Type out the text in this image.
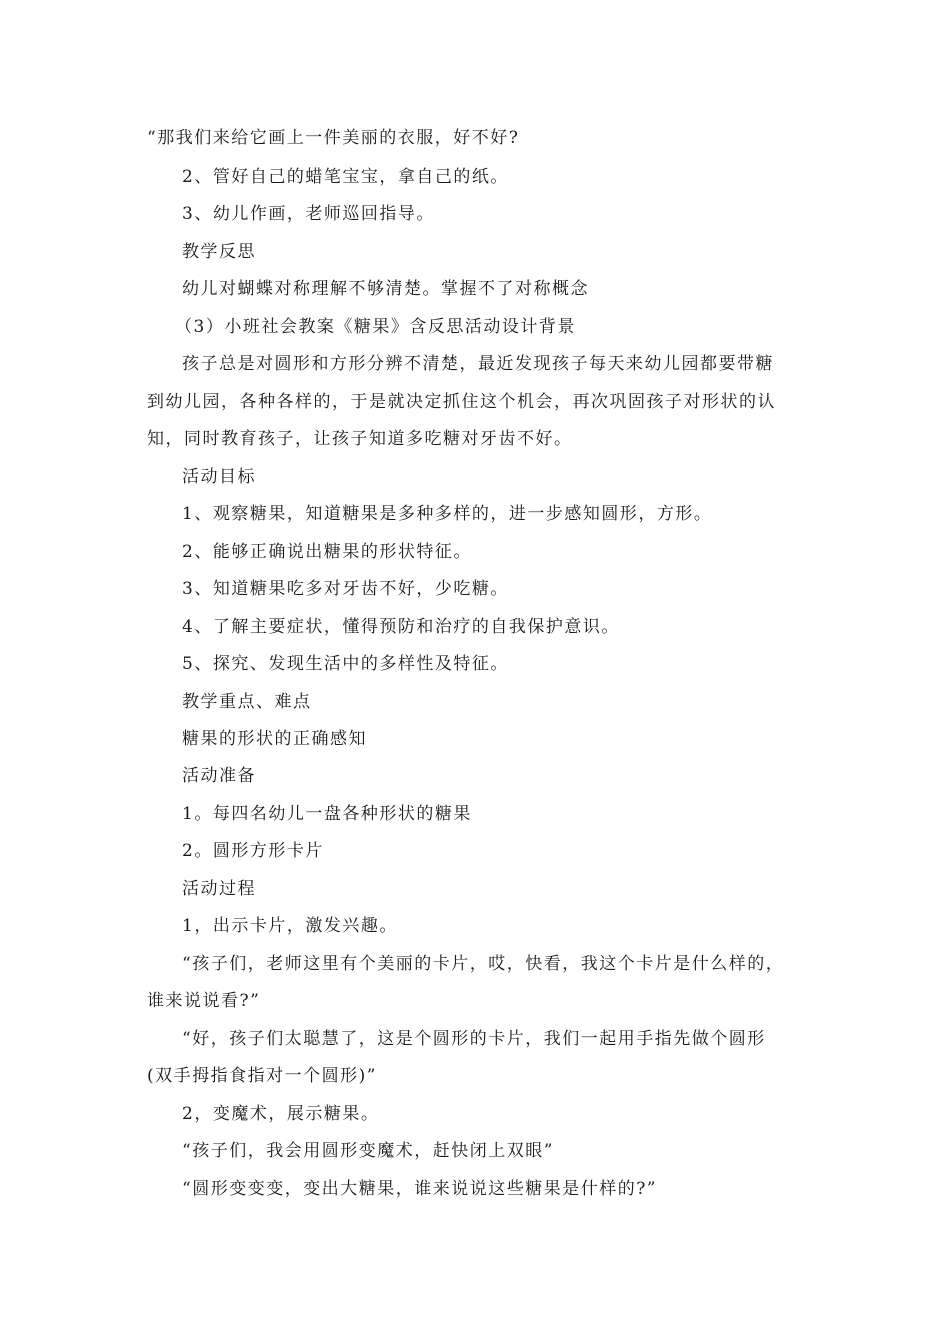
“那我们来给它画上一件美丽的衣服，好不好?
2、管好自己的蜡笔宝宝，拿自己的纸。
3、幼儿作画，老师巡回指导。
教学反思
幼儿对蝴蝶对称理解不够清楚。掌握不了对称概念
（3）小班社会教案《糖果》含反思活动设计背景
孩子总是对圆形和方形分辨不清楚，最近发现孩子每天来幼儿园都要带糖
到幼儿园，各种各样的，于是就决定抓住这个机会，再次巩固孩子对形状的认
知，同时教育孩子，让孩子知道多吃糖对牙齿不好。
活动目标
1、观察糖果，知道糖果是多种多样的，进一步感知圆形，方形。
2、能够正确说出糖果的形状特征。
3、知道糖果吃多对牙齿不好，少吃糖。
4、了解主要症状，懂得预防和治疗的自我保护意识。
5、探究、发现生活中的多样性及特征。
教学重点、难点
糖果的形状的正确感知
活动准备
1。每四名幼儿一盘各种形状的糖果
2。圆形方形卡片
活动过程
1，出示卡片，激发兴趣。
“孩子们，老师这里有个美丽的卡片，哎，快看，我这个卡片是什么样的，
谁来说说看?”
“好，孩子们太聪慧了，这是个圆形的卡片，我们一起用手指先做个圆形
(双手拇指食指对一个圆形)”
2，变魔术，展示糖果。
“孩子们，我会用圆形变魔术，赶快闭上双眼”
“圆形变变变，变出大糖果，谁来说说这些糖果是什样的?”
